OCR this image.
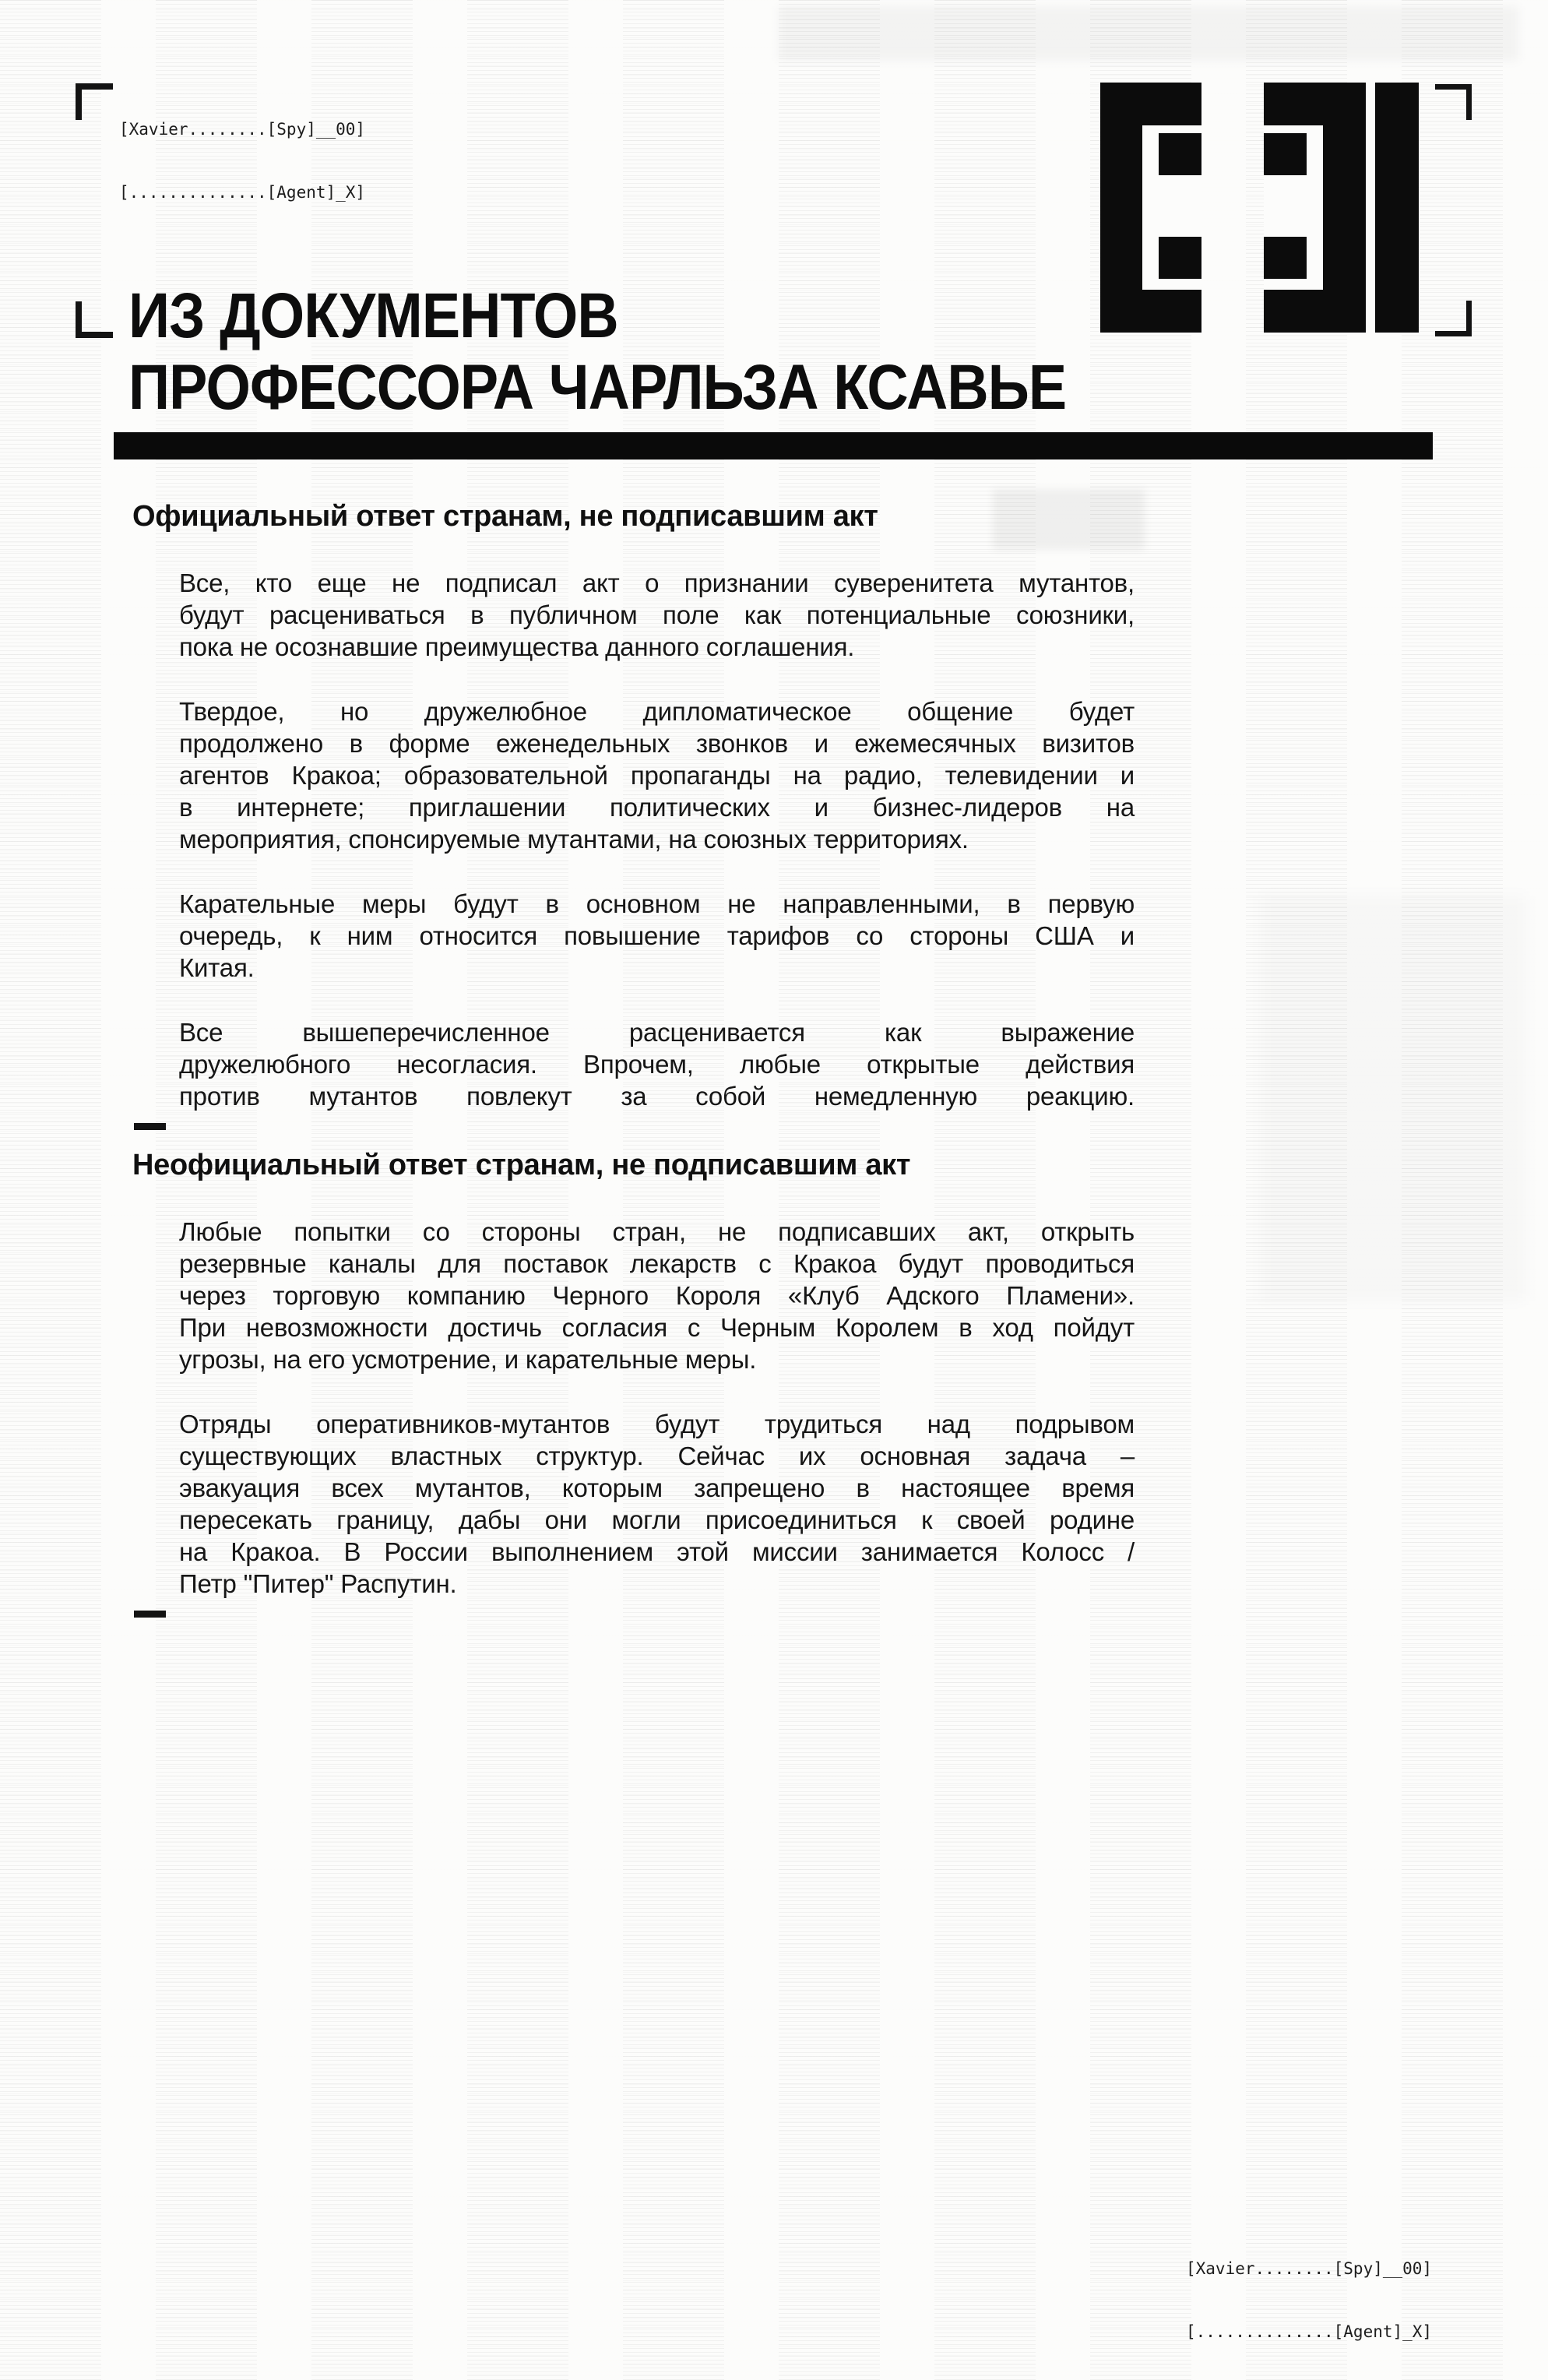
[Xavier........[Spy]__00]

[..............[Agent]_X]

ИЗ ДОКУМЕНТОВ
ПРОФЕССОРА ЧАРЛЬЗА КСАВЬЕ
Официальный ответ странам, не подписавшим акт
Все, кто еще не подписал акт о признании суверенитета мутантов,
будут расцениваться в публичном поле как потенциальные союзники,
пока не осознавшие преимущества данного соглашения.
Твердое, но дружелюбное дипломатическое общение будет
продолжено в форме еженедельных звонков и ежемесячных визитов
агентов Кракоа; образовательной пропаганды на радио, телевидении и
в интернете; приглашении политических и бизнес-лидеров на
мероприятия, спонсируемые мутантами, на союзных территориях.
Карательные меры будут в основном не направленными, в первую
очередь, к ним относится повышение тарифов со стороны США и
Китая.
Все вышеперечисленное расценивается как выражение
дружелюбного несогласия. Впрочем, любые открытые действия
против мутантов повлекут за собой немедленную реакцию.
Неофициальный ответ странам, не подписавшим акт
Любые попытки со стороны стран, не подписавших акт, открыть
резервные каналы для поставок лекарств с Кракоа будут проводиться
через торговую компанию Черного Короля «Клуб Адского Пламени».
При невозможности достичь согласия с Черным Королем в ход пойдут
угрозы, на его усмотрение, и карательные меры.
Отряды оперативников-мутантов будут трудиться над подрывом
существующих властных структур. Сейчас их основная задача –
эвакуация всех мутантов, которым запрещено в настоящее время
пересекать границу, дабы они могли присоединиться к своей родине
на Кракоа. В России выполнением этой миссии занимается Колосс /
Петр "Питер" Распутин.

[Xavier........[Spy]__00]

[..............[Agent]_X]
